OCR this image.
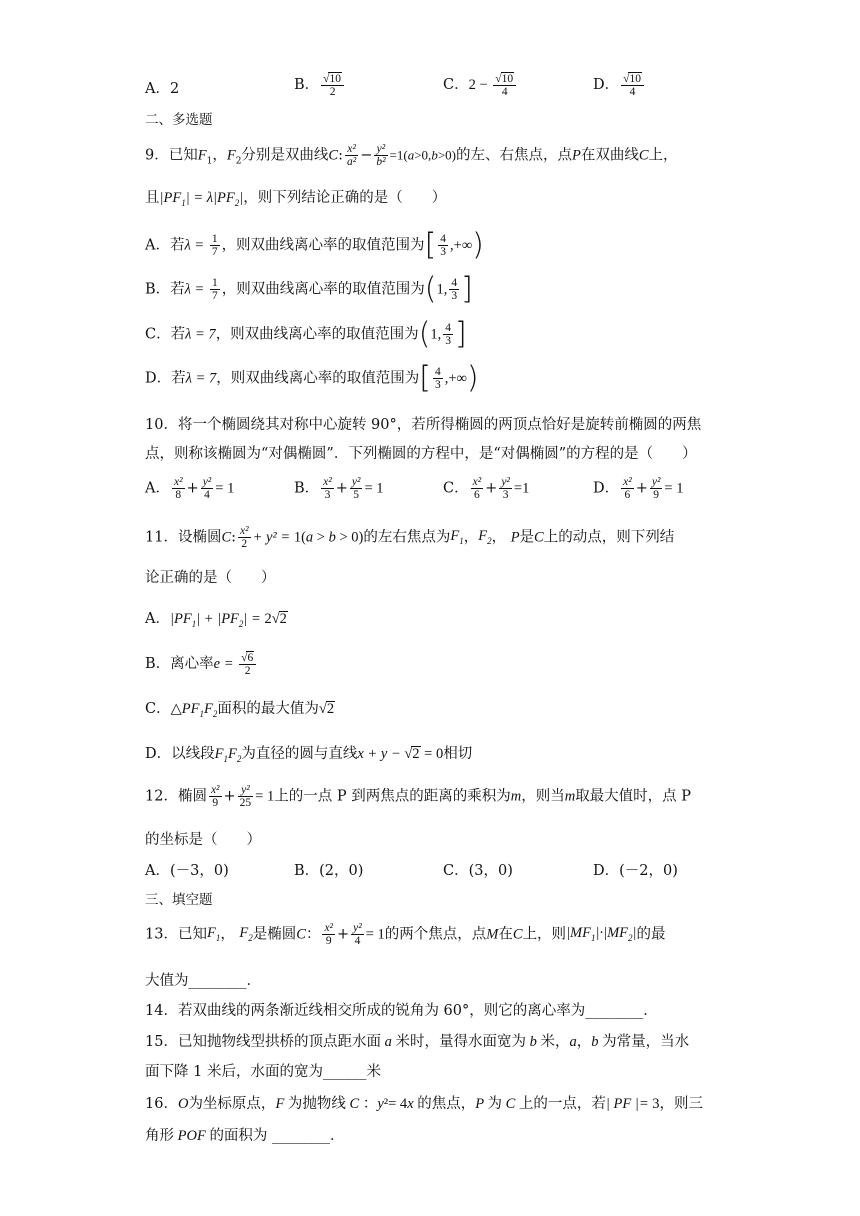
A．2	B． $\frac{√10}{2}$	C．$2 - \frac{√10}{4}$	D． $\frac{√10}{4}$
二、多选题
9．已知$F_1$，$F_2$分别是双曲线C: $\frac{\text{x²}}{\text{a²}} - \frac{\text{y²}}{\text{b²}} =1(a>0,b>0)$的左、右焦点，点P在双曲线C上，
且$|PF_1| = \lambda|PF_2|$，则下列结论正确的是（　　）
A．若$\lambda = \frac{1}{7}$ ，则双曲线离心率的取值范围为[ $\frac{4}{3}$ ,+∞)
B．若$\lambda = \frac{1}{7}$ ，则双曲线离心率的取值范围为(1, $\frac{4}{3}$ ]
C．若λ = 7，则双曲线离心率的取值范围为(1, $\frac{4}{3}$ ]
D．若λ = 7，则双曲线离心率的取值范围为[ $\frac{4}{3}$ ,+∞)
10．将一个椭圆绕其对称中心旋转 90°，若所得椭圆的两顶点恰好是旋转前椭圆的两焦
点，则称该椭圆为“对偶椭圆”．下列椭圆的方程中，是“对偶椭圆”的方程的是（　　）
A． $\frac{\text{x²}}{8} + \frac{\text{y²}}{4} = 1$	B． $\frac{\text{x²}}{3} + \frac{\text{y²}}{5} = 1$	C． $\frac{\text{x²}}{6} + \frac{\text{y²}}{3} =1$	D． $\frac{\text{x²}}{6} + \frac{\text{y²}}{9} = 1$
11．设椭圆C: $\frac{\text{x²}}{2} + y^2 = 1(a > b > 0)$的左右焦点为$F_1$，$F_2$， P是C上的动点，则下列结
论正确的是（　　）
A．$|PF_1| + |PF_2| = 2√2$
B．离心率$e = \frac{√6}{2}$
C．$\triangle PF_1F_2$面积的最大值为√2
D．以线段$F_1F_2$为直径的圆与直线x + y − √2 = 0相切
12．椭圆 $\frac{\text{x²}}{9} + \frac{\text{y²}}{25} = 1$上的一点 P 到两焦点的距离的乘积为m，则当m取最大值时，点 P
的坐标是（　　）
A．(－3，0)	B．(2，0)	C．(3，0)	D．(－2，0)
三、填空题
13．已知$F_1$， $F_2$是椭圆C： $\frac{\text{x²}}{9} + \frac{\text{y²}}{4} = 1$的两个焦点，点M在C上，则$|MF_1|\cdot|MF_2|$的最
大值为________．
14．若双曲线的两条渐近线相交所成的锐角为 60°，则它的离心率为________．
15．已知抛物线型拱桥的顶点距水面 a 米时，量得水面宽为 b 米，a，b 为常量，当水
面下降 1 米后，水面的宽为______米
16．O为坐标原点，F 为抛物线 C ：y²= 4x 的焦点，P 为 C 上的一点，若| PF |= 3，则三
角形 POF 的面积为 ________．
